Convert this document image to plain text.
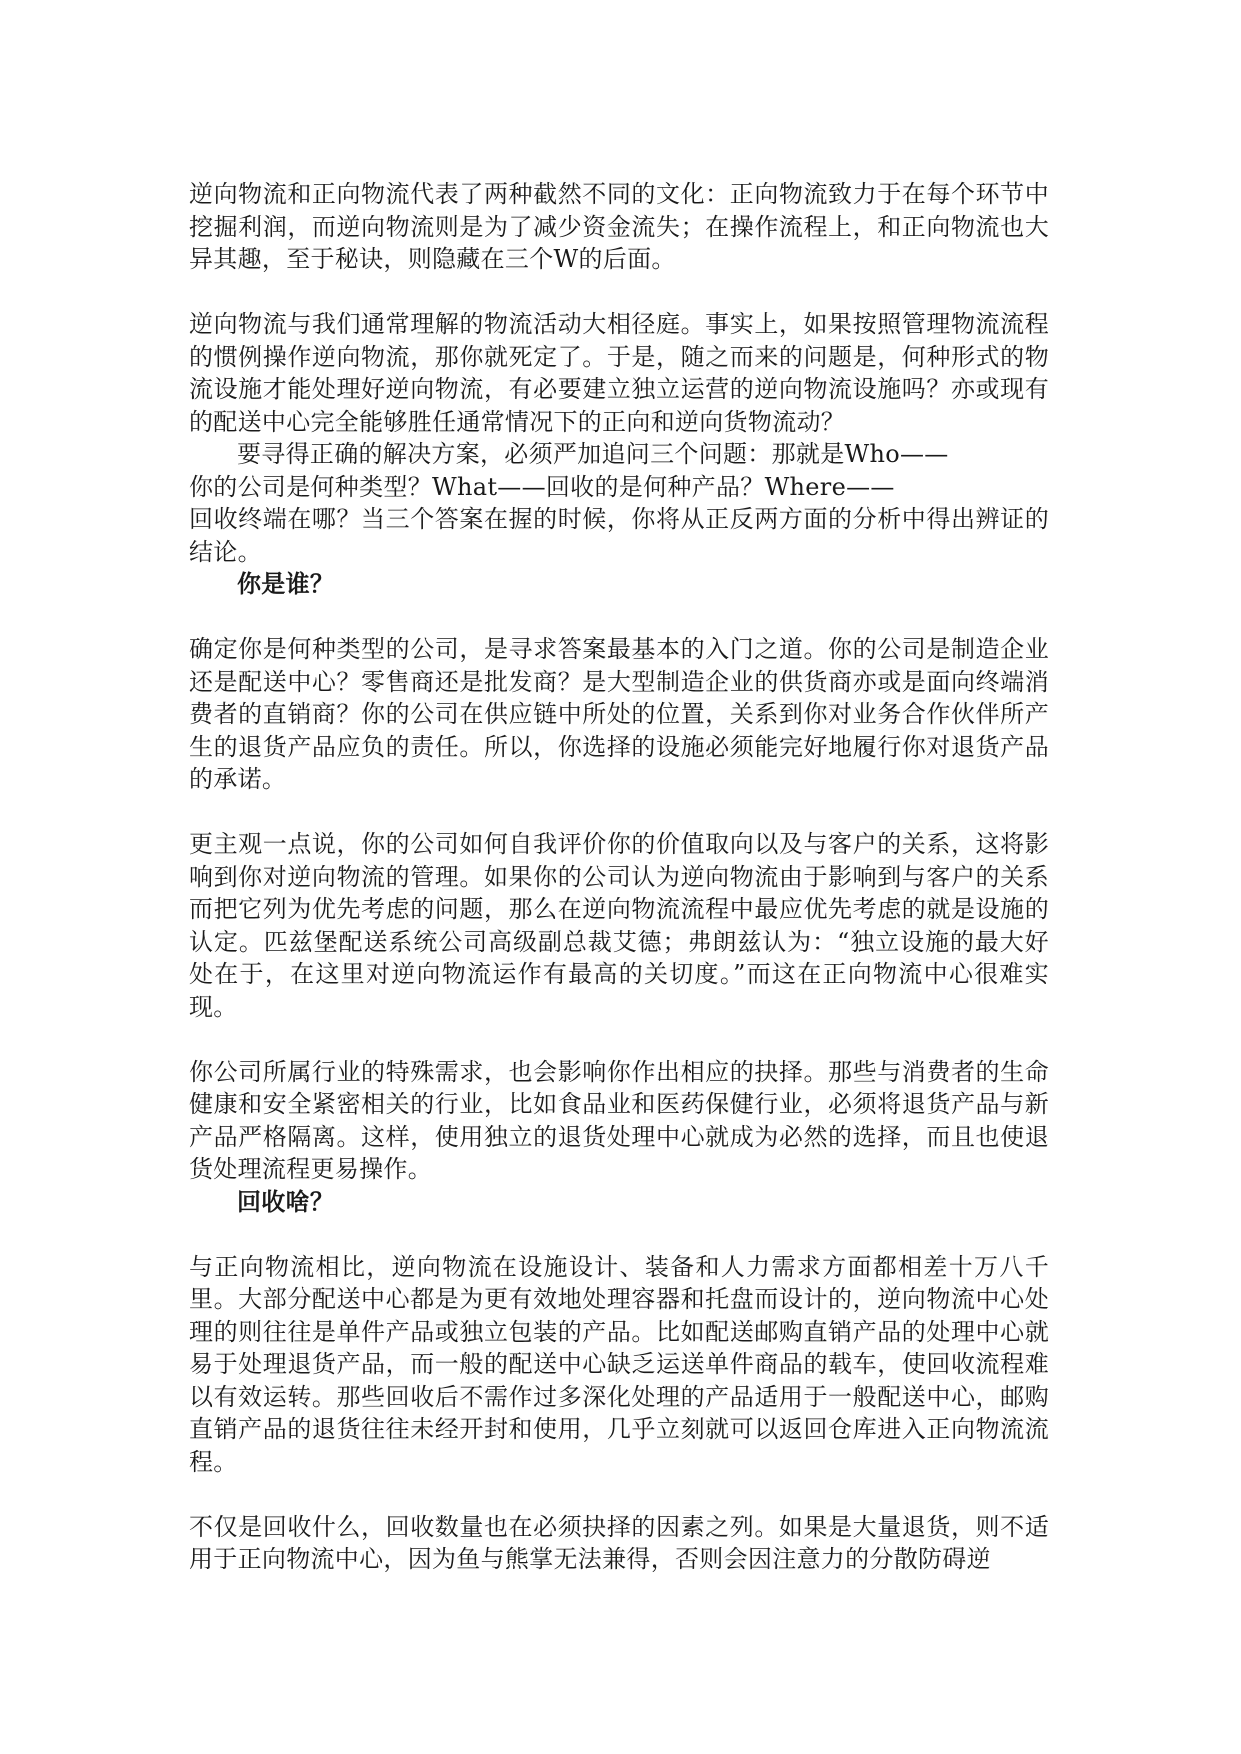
逆向物流和正向物流代表了两种截然不同的文化：正向物流致力于在每个环节中挖掘利润，而逆向物流则是为了减少资金流失；在操作流程上，和正向物流也大异其趣，至于秘诀，则隐藏在三个W的后面。

逆向物流与我们通常理解的物流活动大相径庭。事实上，如果按照管理物流流程的惯例操作逆向物流，那你就死定了。于是，随之而来的问题是，何种形式的物流设施才能处理好逆向物流，有必要建立独立运营的逆向物流设施吗？亦或现有的配送中心完全能够胜任通常情况下的正向和逆向货物流动？

要寻得正确的解决方案，必须严加追问三个问题：那就是Who——

你的公司是何种类型？What——回收的是何种产品？Where——

回收终端在哪？当三个答案在握的时候，你将从正反两方面的分析中得出辨证的结论。

你是谁？

确定你是何种类型的公司，是寻求答案最基本的入门之道。你的公司是制造企业还是配送中心？零售商还是批发商？是大型制造企业的供货商亦或是面向终端消费者的直销商？你的公司在供应链中所处的位置，关系到你对业务合作伙伴所产生的退货产品应负的责任。所以，你选择的设施必须能完好地履行你对退货产品的承诺。

更主观一点说，你的公司如何自我评价你的价值取向以及与客户的关系，这将影响到你对逆向物流的管理。如果你的公司认为逆向物流由于影响到与客户的关系而把它列为优先考虑的问题，那么在逆向物流流程中最应优先考虑的就是设施的认定。匹兹堡配送系统公司高级副总裁艾德；弗朗兹认为：“独立设施的最大好处在于，在这里对逆向物流运作有最高的关切度。”而这在正向物流中心很难实现。

你公司所属行业的特殊需求，也会影响你作出相应的抉择。那些与消费者的生命健康和安全紧密相关的行业，比如食品业和医药保健行业，必须将退货产品与新产品严格隔离。这样，使用独立的退货处理中心就成为必然的选择，而且也使退货处理流程更易操作。

回收啥？

与正向物流相比，逆向物流在设施设计、装备和人力需求方面都相差十万八千里。大部分配送中心都是为更有效地处理容器和托盘而设计的，逆向物流中心处理的则往往是单件产品或独立包装的产品。比如配送邮购直销产品的处理中心就易于处理退货产品，而一般的配送中心缺乏运送单件商品的载车，使回收流程难以有效运转。那些回收后不需作过多深化处理的产品适用于一般配送中心，邮购直销产品的退货往往未经开封和使用，几乎立刻就可以返回仓库进入正向物流流程。

不仅是回收什么，回收数量也在必须抉择的因素之列。如果是大量退货，则不适用于正向物流中心，因为鱼与熊掌无法兼得，否则会因注意力的分散防碍逆
